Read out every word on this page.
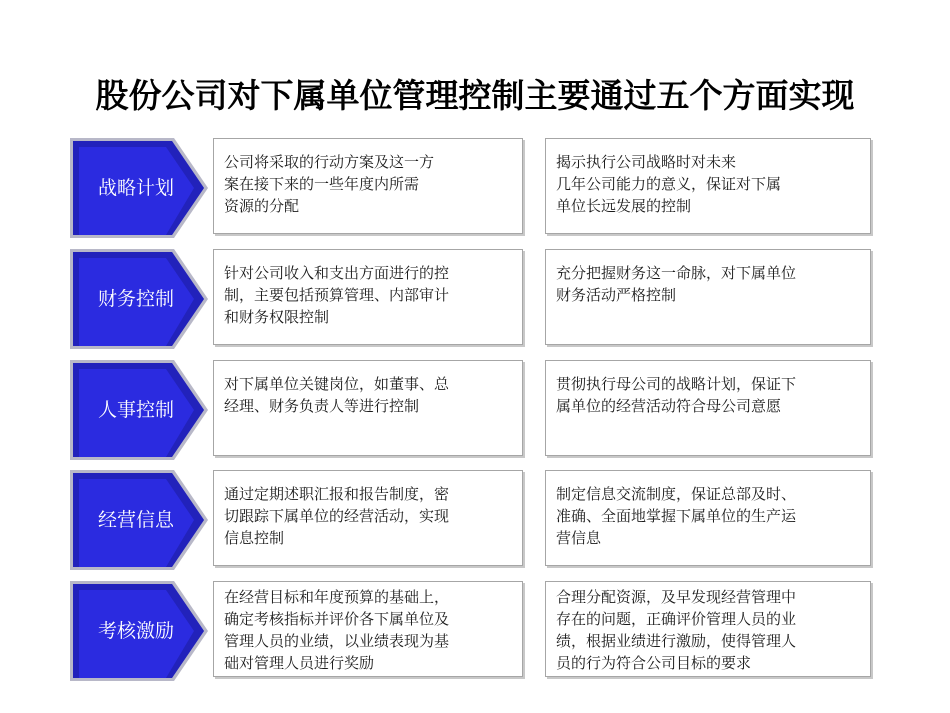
股份公司对下属单位管理控制主要通过五个方面实现
战略计划
公司将采取的行动方案及这一方
案在接下来的一些年度内所需
资源的分配
揭示执行公司战略时对未来
几年公司能力的意义，保证对下属
单位长远发展的控制
财务控制
针对公司收入和支出方面进行的控
制，主要包括预算管理、内部审计
和财务权限控制
充分把握财务这一命脉，对下属单位
财务活动严格控制
人事控制
对下属单位关键岗位，如董事、总
经理、财务负责人等进行控制
贯彻执行母公司的战略计划，保证下
属单位的经营活动符合母公司意愿
经营信息
通过定期述职汇报和报告制度，密
切跟踪下属单位的经营活动，实现
信息控制
制定信息交流制度，保证总部及时、
准确、全面地掌握下属单位的生产运
营信息
考核激励
在经营目标和年度预算的基础上，
确定考核指标并评价各下属单位及
管理人员的业绩，以业绩表现为基
础对管理人员进行奖励
合理分配资源，及早发现经营管理中
存在的问题，正确评价管理人员的业
绩，根据业绩进行激励，使得管理人
员的行为符合公司目标的要求
